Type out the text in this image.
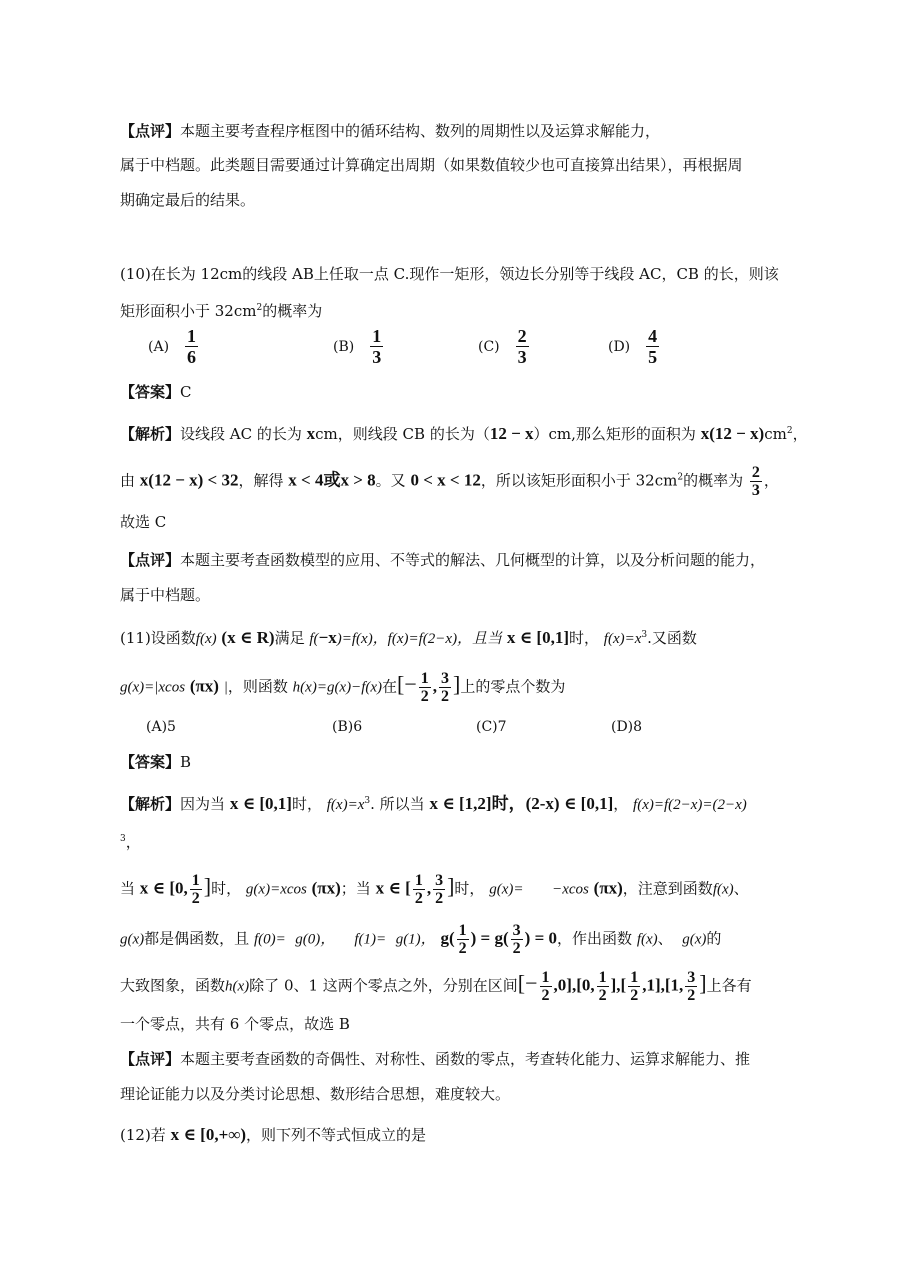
【点评】本题主要考查程序框图中的循环结构、数列的周期性以及运算求解能力，
属于中档题。此类题目需要通过计算确定出周期（如果数值较少也可直接算出结果），再根据周
期确定最后的结果。
(10)在长为 12cm的线段 AB上任取一点 C.现作一矩形，领边长分别等于线段 AC，CB 的长，则该
矩形面积小于 $32cm^2$的概率为
$(A) \frac{1}{6}$	$(B) \frac{1}{3}$	$(C) \frac{2}{3}$	$(D) \frac{4}{5}$
【答案】C
【解析】设线段 AC 的长为 xcm，则线段 CB 的长为（12 − x）cm,那么矩形的面积为 $x(12 - x)cm^2$，
由 x(12 − x) < 32，解得 x < 4或x > 8。又 0 < x < 12，所以该矩形面积小于 $32cm^2$的概率为 $\frac{2}{3}$ ，
故选 C
【点评】本题主要考查函数模型的应用、不等式的解法、几何概型的计算，以及分析问题的能力，
属于中档题。
(11)设函数f(x) (x ∈ R)满足 f(−x)=f(x)，f(x)=f(2−x)，且当 x ∈ [0,1]时， $f(x)=x^3$.又函数
g(x)=|xcos (πx) |，则函数 h(x)=g(x)−f(x)在[− $\frac{1}{2}$ , $\frac{3}{2}$ ]上的零点个数为
(A)5	(B)6	(C)7	(D)8
【答案】B
【解析】因为当 x ∈ [0,1]时， $f(x)=x^3$. 所以当 x ∈ [1,2]时，(2-x) ∈ [0,1]， f(x)=f(2−x)=(2−x)
$^3$，
当 x ∈ [0, $\frac{1}{2}$ ]时， g(x)=xcos (πx)；当 x ∈ [ $\frac{1}{2}$ , $\frac{3}{2}$ ]时， g(x)= −xcos (πx)，注意到函数f(x)、
g(x)都是偶函数，且 f(0)= g(0)， f(1)= g(1)， $g( \frac{1}{2}$ ) = $g( \frac{3}{2}$ ) = 0，作出函数 f(x)、 g(x)的
大致图象，函数h(x)除了 0、1 这两个零点之外，分别在区间[− $\frac{1}{2} ,0],[0$, $\frac{1}{2}$ ],[ $\frac{1}{2} ,1],[1$, $\frac{3}{2}$ ]上各有
一个零点，共有 6 个零点，故选 B
【点评】本题主要考查函数的奇偶性、对称性、函数的零点，考查转化能力、运算求解能力、推
理论证能力以及分类讨论思想、数形结合思想，难度较大。
(12)若 x ∈ [0,+∞)，则下列不等式恒成立的是
